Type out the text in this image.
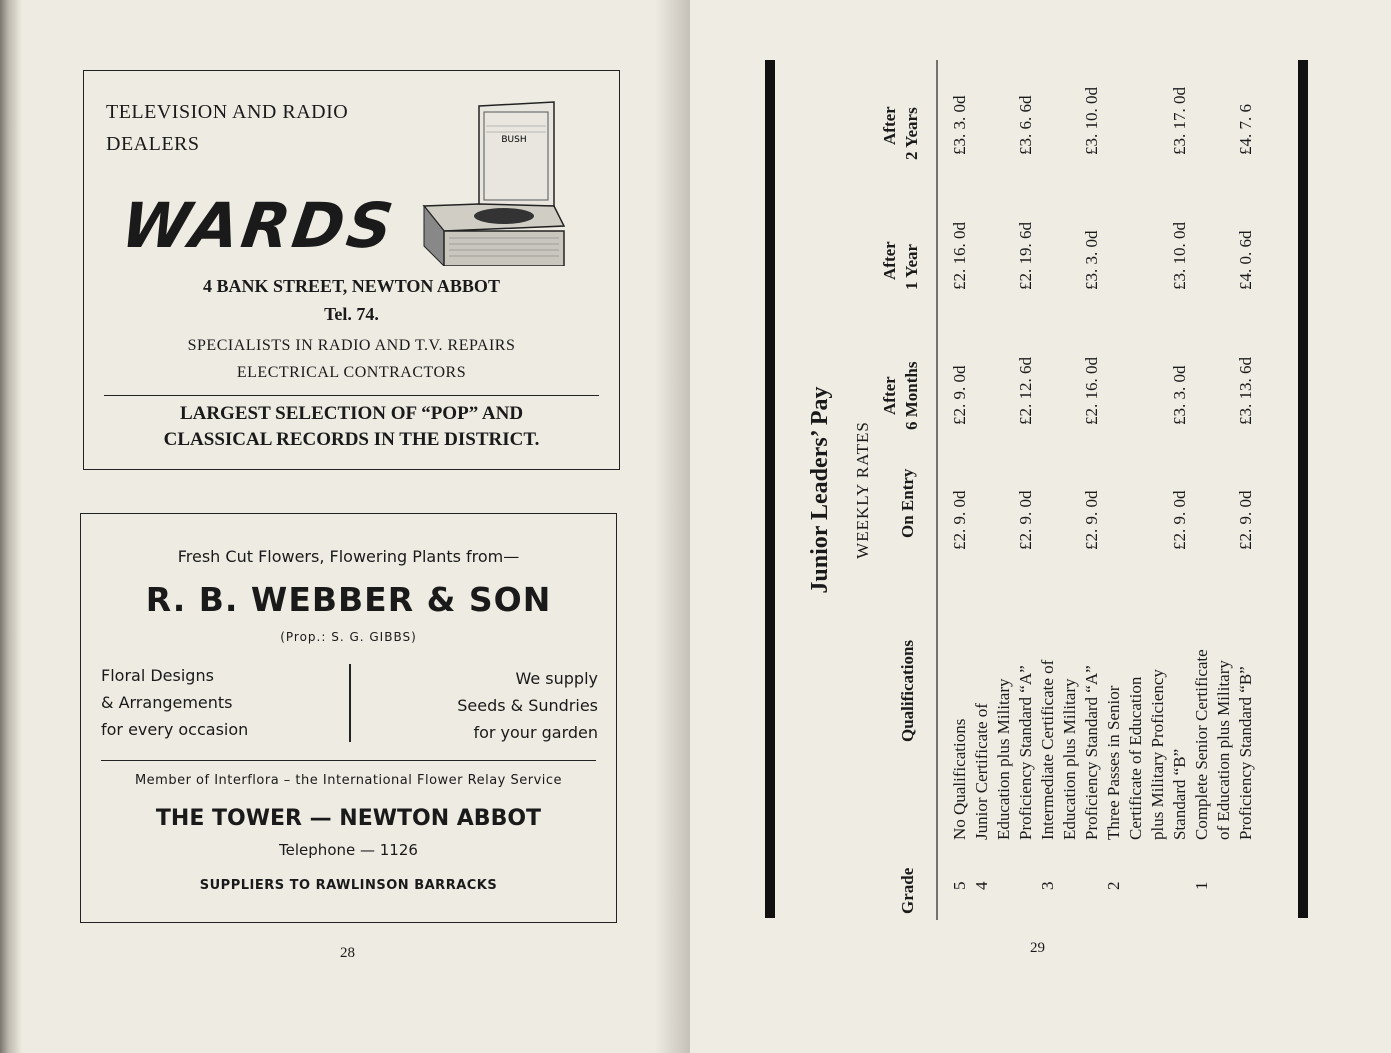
TELEVISION AND RADIO
DEALERS
WARDS
BUSH
4 BANK STREET, NEWTON ABBOT
Tel. 74.
SPECIALISTS IN RADIO AND T.V. REPAIRS
ELECTRICAL CONTRACTORS
LARGEST SELECTION OF “POP” AND
CLASSICAL RECORDS IN THE DISTRICT.
Fresh Cut Flowers, Flowering Plants from—
R. B. WEBBER & SON
(Prop.: S. G. GIBBS)
Floral Designs
& Arrangements
for every occasion
We supply
Seeds & Sundries
for your garden
Member of Interflora – the International Flower Relay Service
THE TOWER — NEWTON ABBOT
Telephone — 1126
SUPPLIERS TO RAWLINSON BARRACKS
28	29
Junior Leaders’ Pay WEEKLY RATES
Grade
Qualifications
On Entry
After 6 Months
After 1 Year
After 2 Years
5
No Qualifications
£2. 9. 0d
£2. 9. 0d
£2. 16. 0d
£3. 3. 0d
4
Junior Certificate of Education plus Military Proficiency Standard “A”
£2. 9. 0d
£2. 12. 6d
£2. 19. 6d
£3. 6. 6d
3
Intermediate Certificate of Education plus Military Proficiency Standard “A”
£2. 9. 0d
£2. 16. 0d
£3. 3. 0d
£3. 10. 0d
2
Three Passes in Senior Certificate of Education plus Military Proficiency Standard “B”
£2. 9. 0d
£3. 3. 0d
£3. 10. 0d
£3. 17. 0d
1
Complete Senior Certificate of Education plus Military Proficiency Standard “B”
£2. 9. 0d
£3. 13. 6d
£4. 0. 6d
£4. 7. 6
